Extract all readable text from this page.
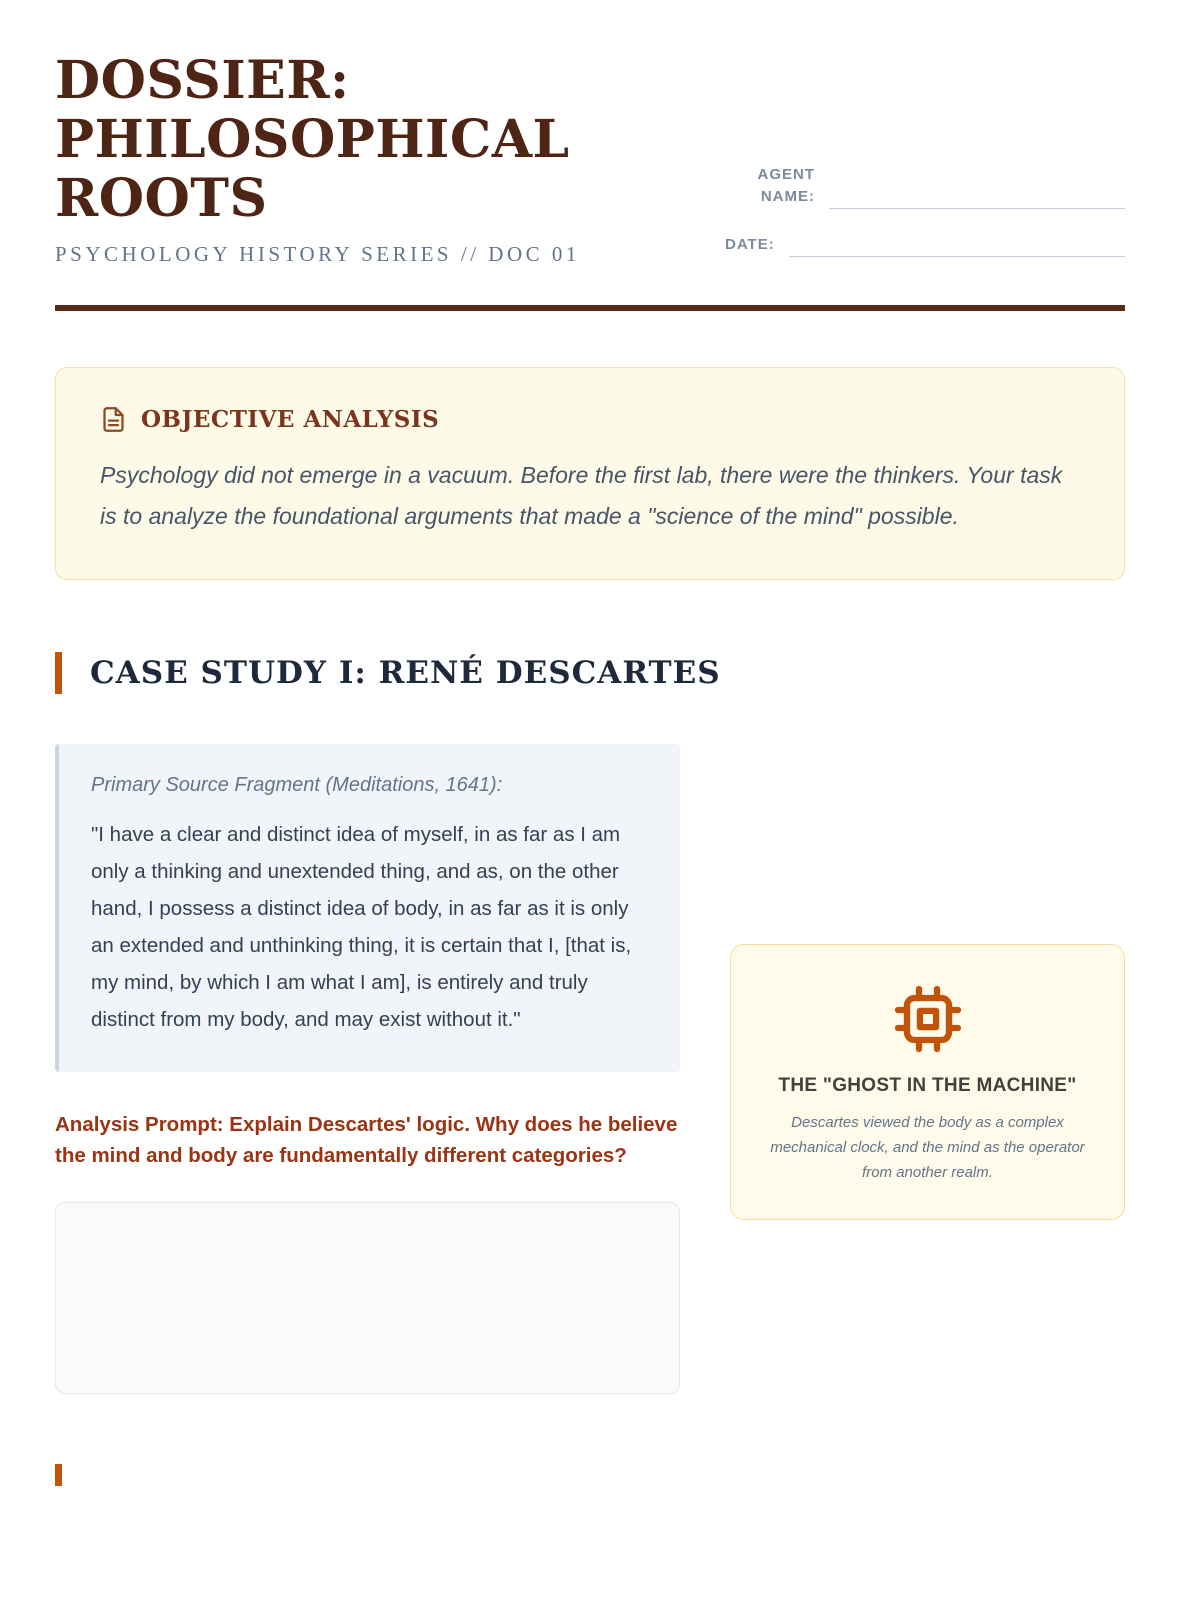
DOSSIER:
PHILOSOPHICAL
ROOTS
PSYCHOLOGY HISTORY SERIES // DOC 01
AGENT NAME:
DATE:
OBJECTIVE ANALYSIS
Psychology did not emerge in a vacuum. Before the first lab, there were the thinkers. Your task is to analyze the foundational arguments that made a "science of the mind" possible.
CASE STUDY I: RENÉ DESCARTES
Primary Source Fragment (Meditations, 1641):
"I have a clear and distinct idea of myself, in as far as I am only a thinking and unextended thing, and as, on the other hand, I possess a distinct idea of body, in as far as it is only an extended and unthinking thing, it is certain that I, [that is, my mind, by which I am what I am], is entirely and truly distinct from my body, and may exist without it."
Analysis Prompt: Explain Descartes' logic. Why does he believe the mind and body are fundamentally different categories?
THE "GHOST IN THE MACHINE"
Descartes viewed the body as a complex mechanical clock, and the mind as the operator from another realm.
